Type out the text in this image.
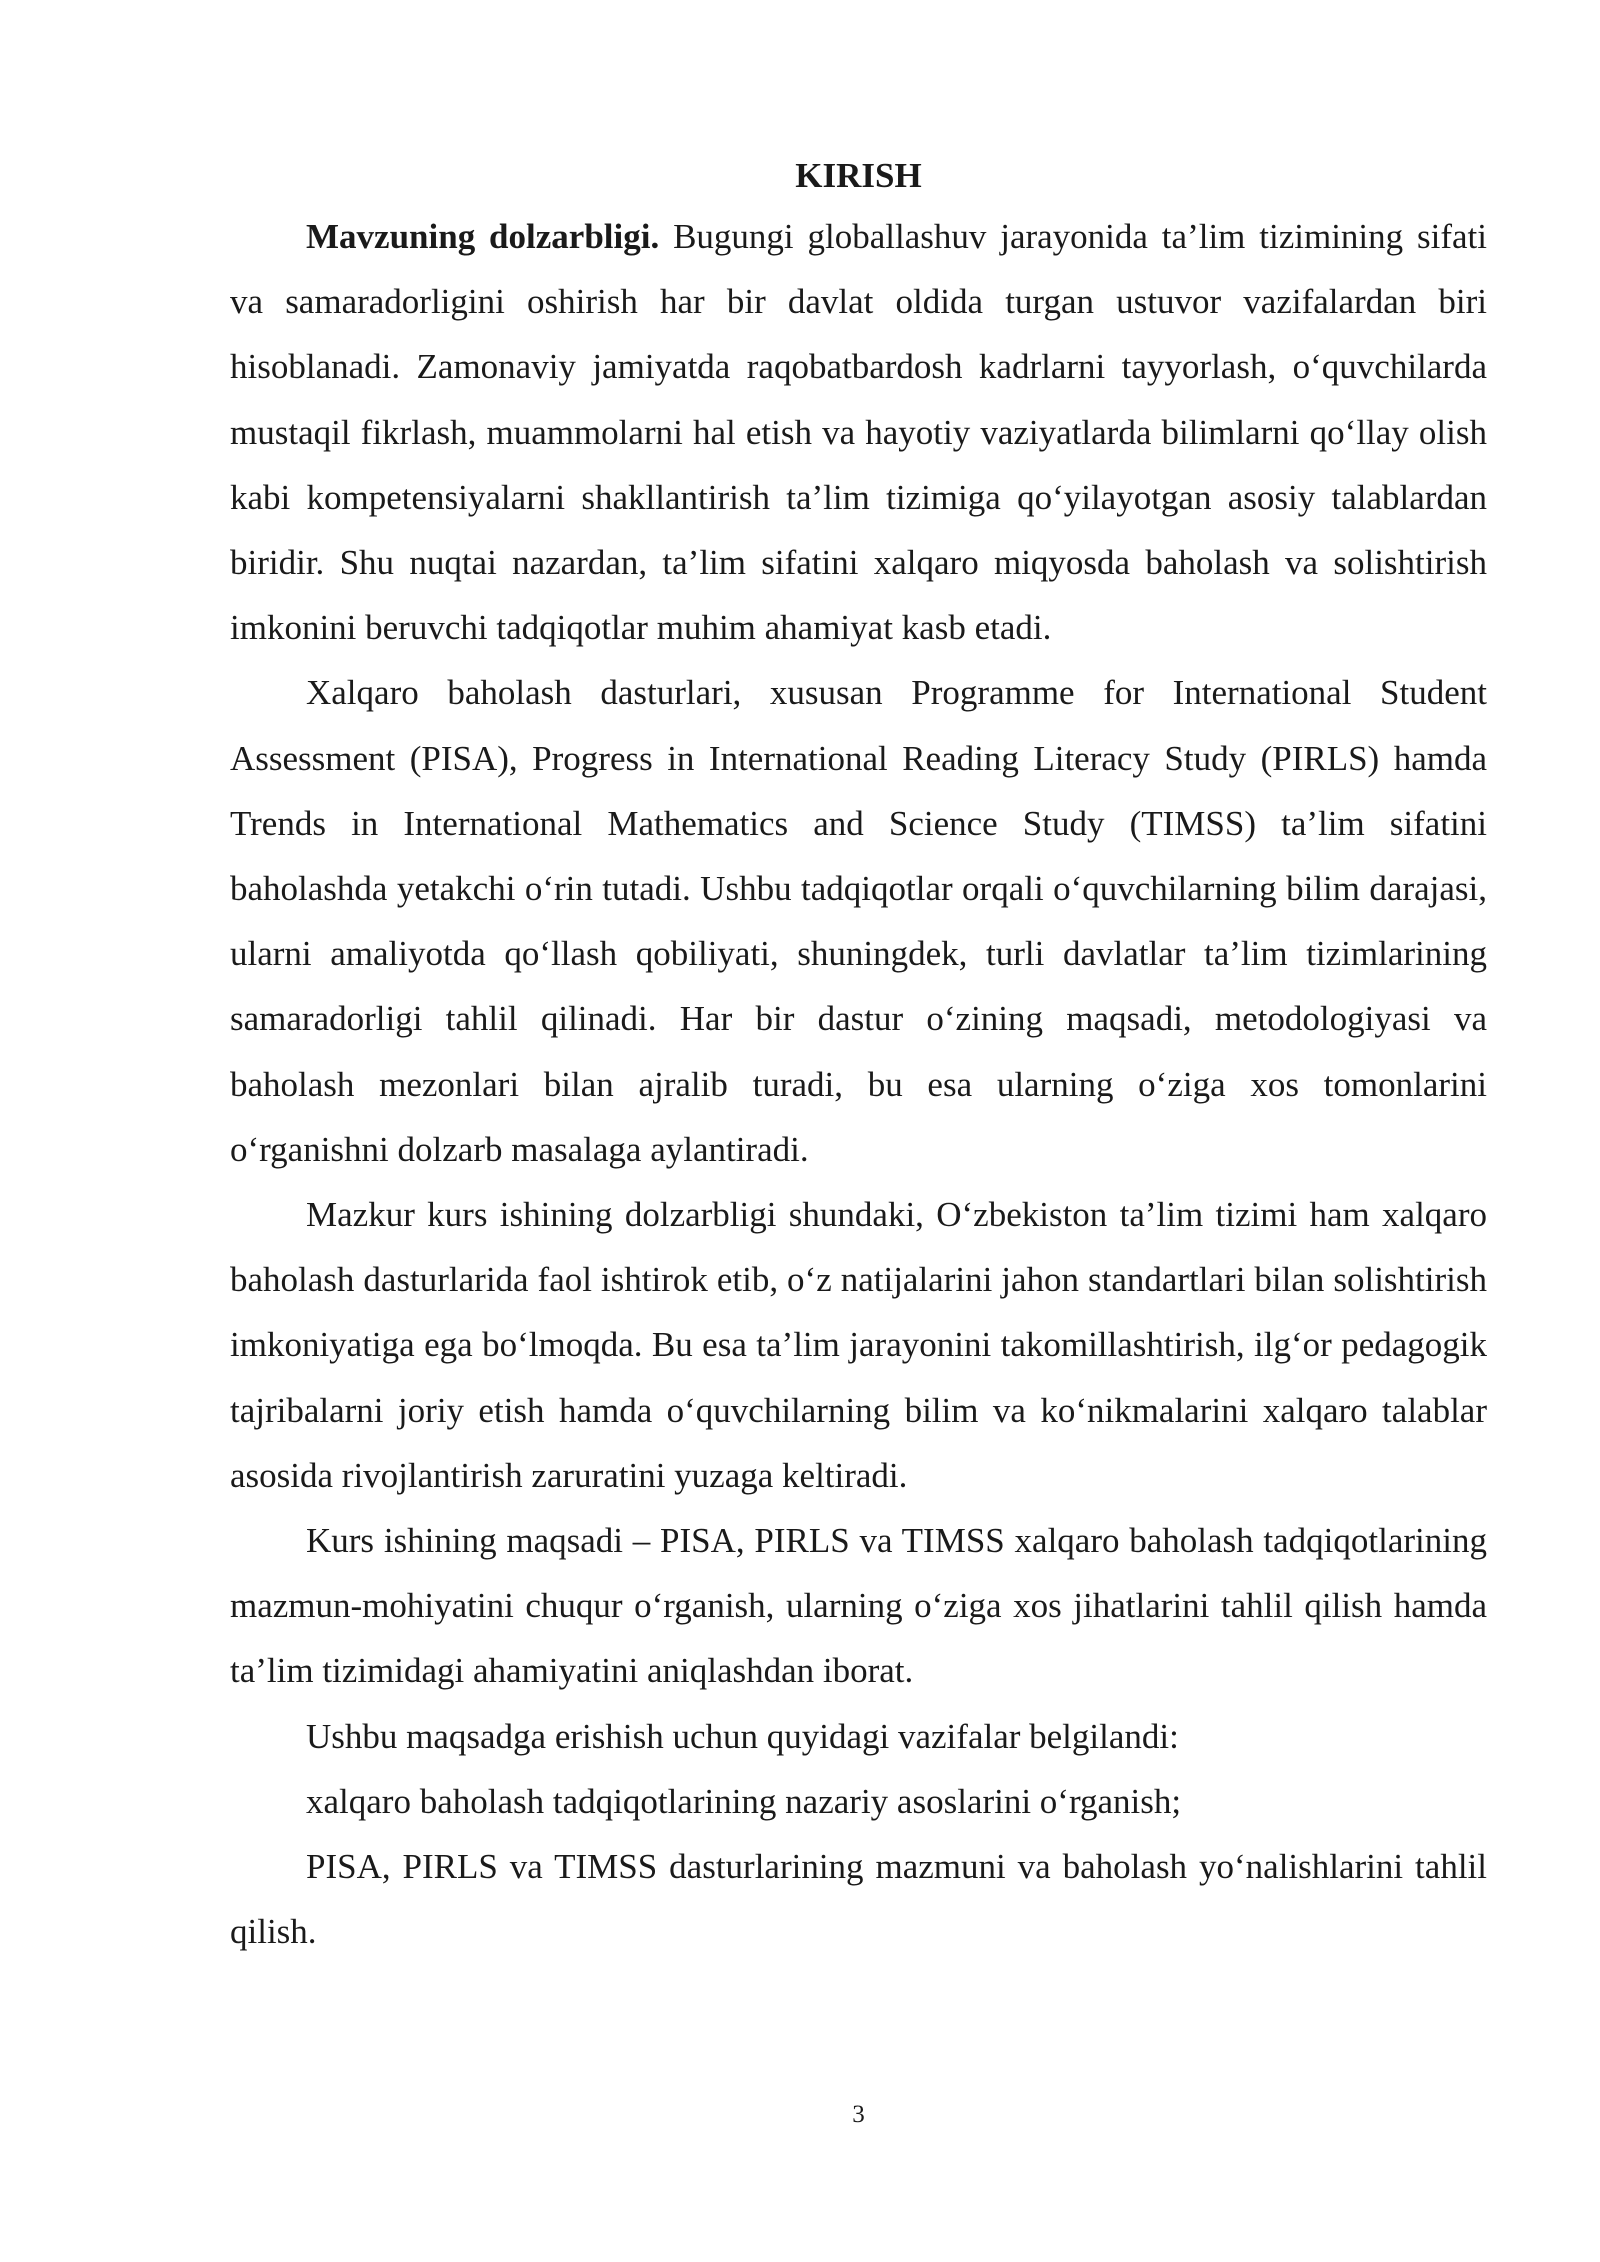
KIRISH

Mavzuning dolzarbligi. Bugungi globallashuv jarayonida ta’lim tizimining sifati va samaradorligini oshirish har bir davlat oldida turgan ustuvor vazifalardan biri hisoblanadi. Zamonaviy jamiyatda raqobatbardosh kadrlarni tayyorlash, o‘quvchilarda mustaqil fikrlash, muammolarni hal etish va hayotiy vaziyatlarda bilimlarni qo‘llay olish kabi kompetensiyalarni shakllantirish ta’lim tizimiga qo‘yilayotgan asosiy talablardan biridir. Shu nuqtai nazardan, ta’lim sifatini xalqaro miqyosda baholash va solishtirish imkonini beruvchi tadqiqotlar muhim ahamiyat kasb etadi.

Xalqaro baholash dasturlari, xususan Programme for International Student Assessment (PISA), Progress in International Reading Literacy Study (PIRLS) hamda Trends in International Mathematics and Science Study (TIMSS) ta’lim sifatini baholashda yetakchi o‘rin tutadi. Ushbu tadqiqotlar orqali o‘quvchilarning bilim darajasi, ularni amaliyotda qo‘llash qobiliyati, shuningdek, turli davlatlar ta’lim tizimlarining samaradorligi tahlil qilinadi. Har bir dastur o‘zining maqsadi, metodologiyasi va baholash mezonlari bilan ajralib turadi, bu esa ularning o‘ziga xos tomonlarini o‘rganishni dolzarb masalaga aylantiradi.

Mazkur kurs ishining dolzarbligi shundaki, O‘zbekiston ta’lim tizimi ham xalqaro baholash dasturlarida faol ishtirok etib, o‘z natijalarini jahon standartlari bilan solishtirish imkoniyatiga ega bo‘lmoqda. Bu esa ta’lim jarayonini takomillashtirish, ilg‘or pedagogik tajribalarni joriy etish hamda o‘quvchilarning bilim va ko‘nikmalarini xalqaro talablar asosida rivojlantirish zaruratini yuzaga keltiradi.

Kurs ishining maqsadi – PISA, PIRLS va TIMSS xalqaro baholash tadqiqotlarining mazmun-mohiyatini chuqur o‘rganish, ularning o‘ziga xos jihatlarini tahlil qilish hamda ta’lim tizimidagi ahamiyatini aniqlashdan iborat.

Ushbu maqsadga erishish uchun quyidagi vazifalar belgilandi:

xalqaro baholash tadqiqotlarining nazariy asoslarini o‘rganish;

PISA, PIRLS va TIMSS dasturlarining mazmuni va baholash yo‘nalishlarini tahlil qilish.

3
